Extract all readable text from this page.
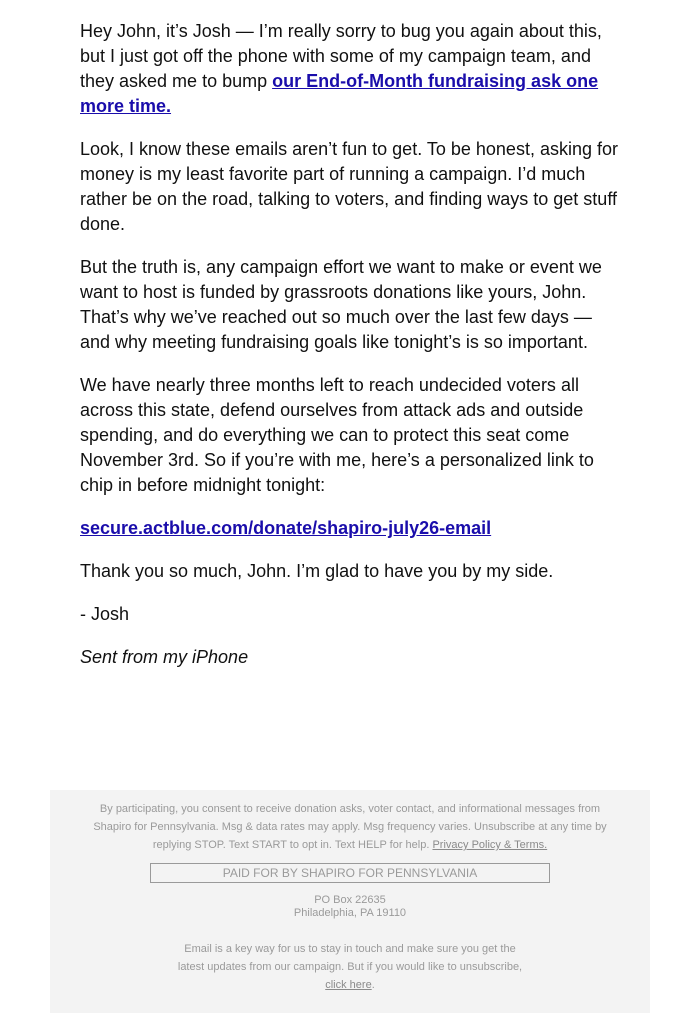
Hey John, it’s Josh — I’m really sorry to bug you again about this, but I just got off the phone with some of my campaign team, and they asked me to bump our End-of-Month fundraising ask one more time.

Look, I know these emails aren’t fun to get. To be honest, asking for money is my least favorite part of running a campaign. I’d much rather be on the road, talking to voters, and finding ways to get stuff done.

But the truth is, any campaign effort we want to make or event we want to host is funded by grassroots donations like yours, John. That’s why we’ve reached out so much over the last few days — and why meeting fundraising goals like tonight’s is so important.

We have nearly three months left to reach undecided voters all across this state, defend ourselves from attack ads and outside spending, and do everything we can to protect this seat come November 3rd. So if you’re with me, here’s a personalized link to chip in before midnight tonight:

secure.actblue.com/donate/shapiro-july26-email

Thank you so much, John. I’m glad to have you by my side.

- Josh

Sent from my iPhone

By participating, you consent to receive donation asks, voter contact, and informational messages from Shapiro for Pennsylvania. Msg & data rates may apply. Msg frequency varies. Unsubscribe at any time by replying STOP. Text START to opt in. Text HELP for help. Privacy Policy & Terms.
PAID FOR BY SHAPIRO FOR PENNSYLVANIA
PO Box 22635
Philadelphia, PA 19110
Email is a key way for us to stay in touch and make sure you get the latest updates from our campaign. But if you would like to unsubscribe, click here.
